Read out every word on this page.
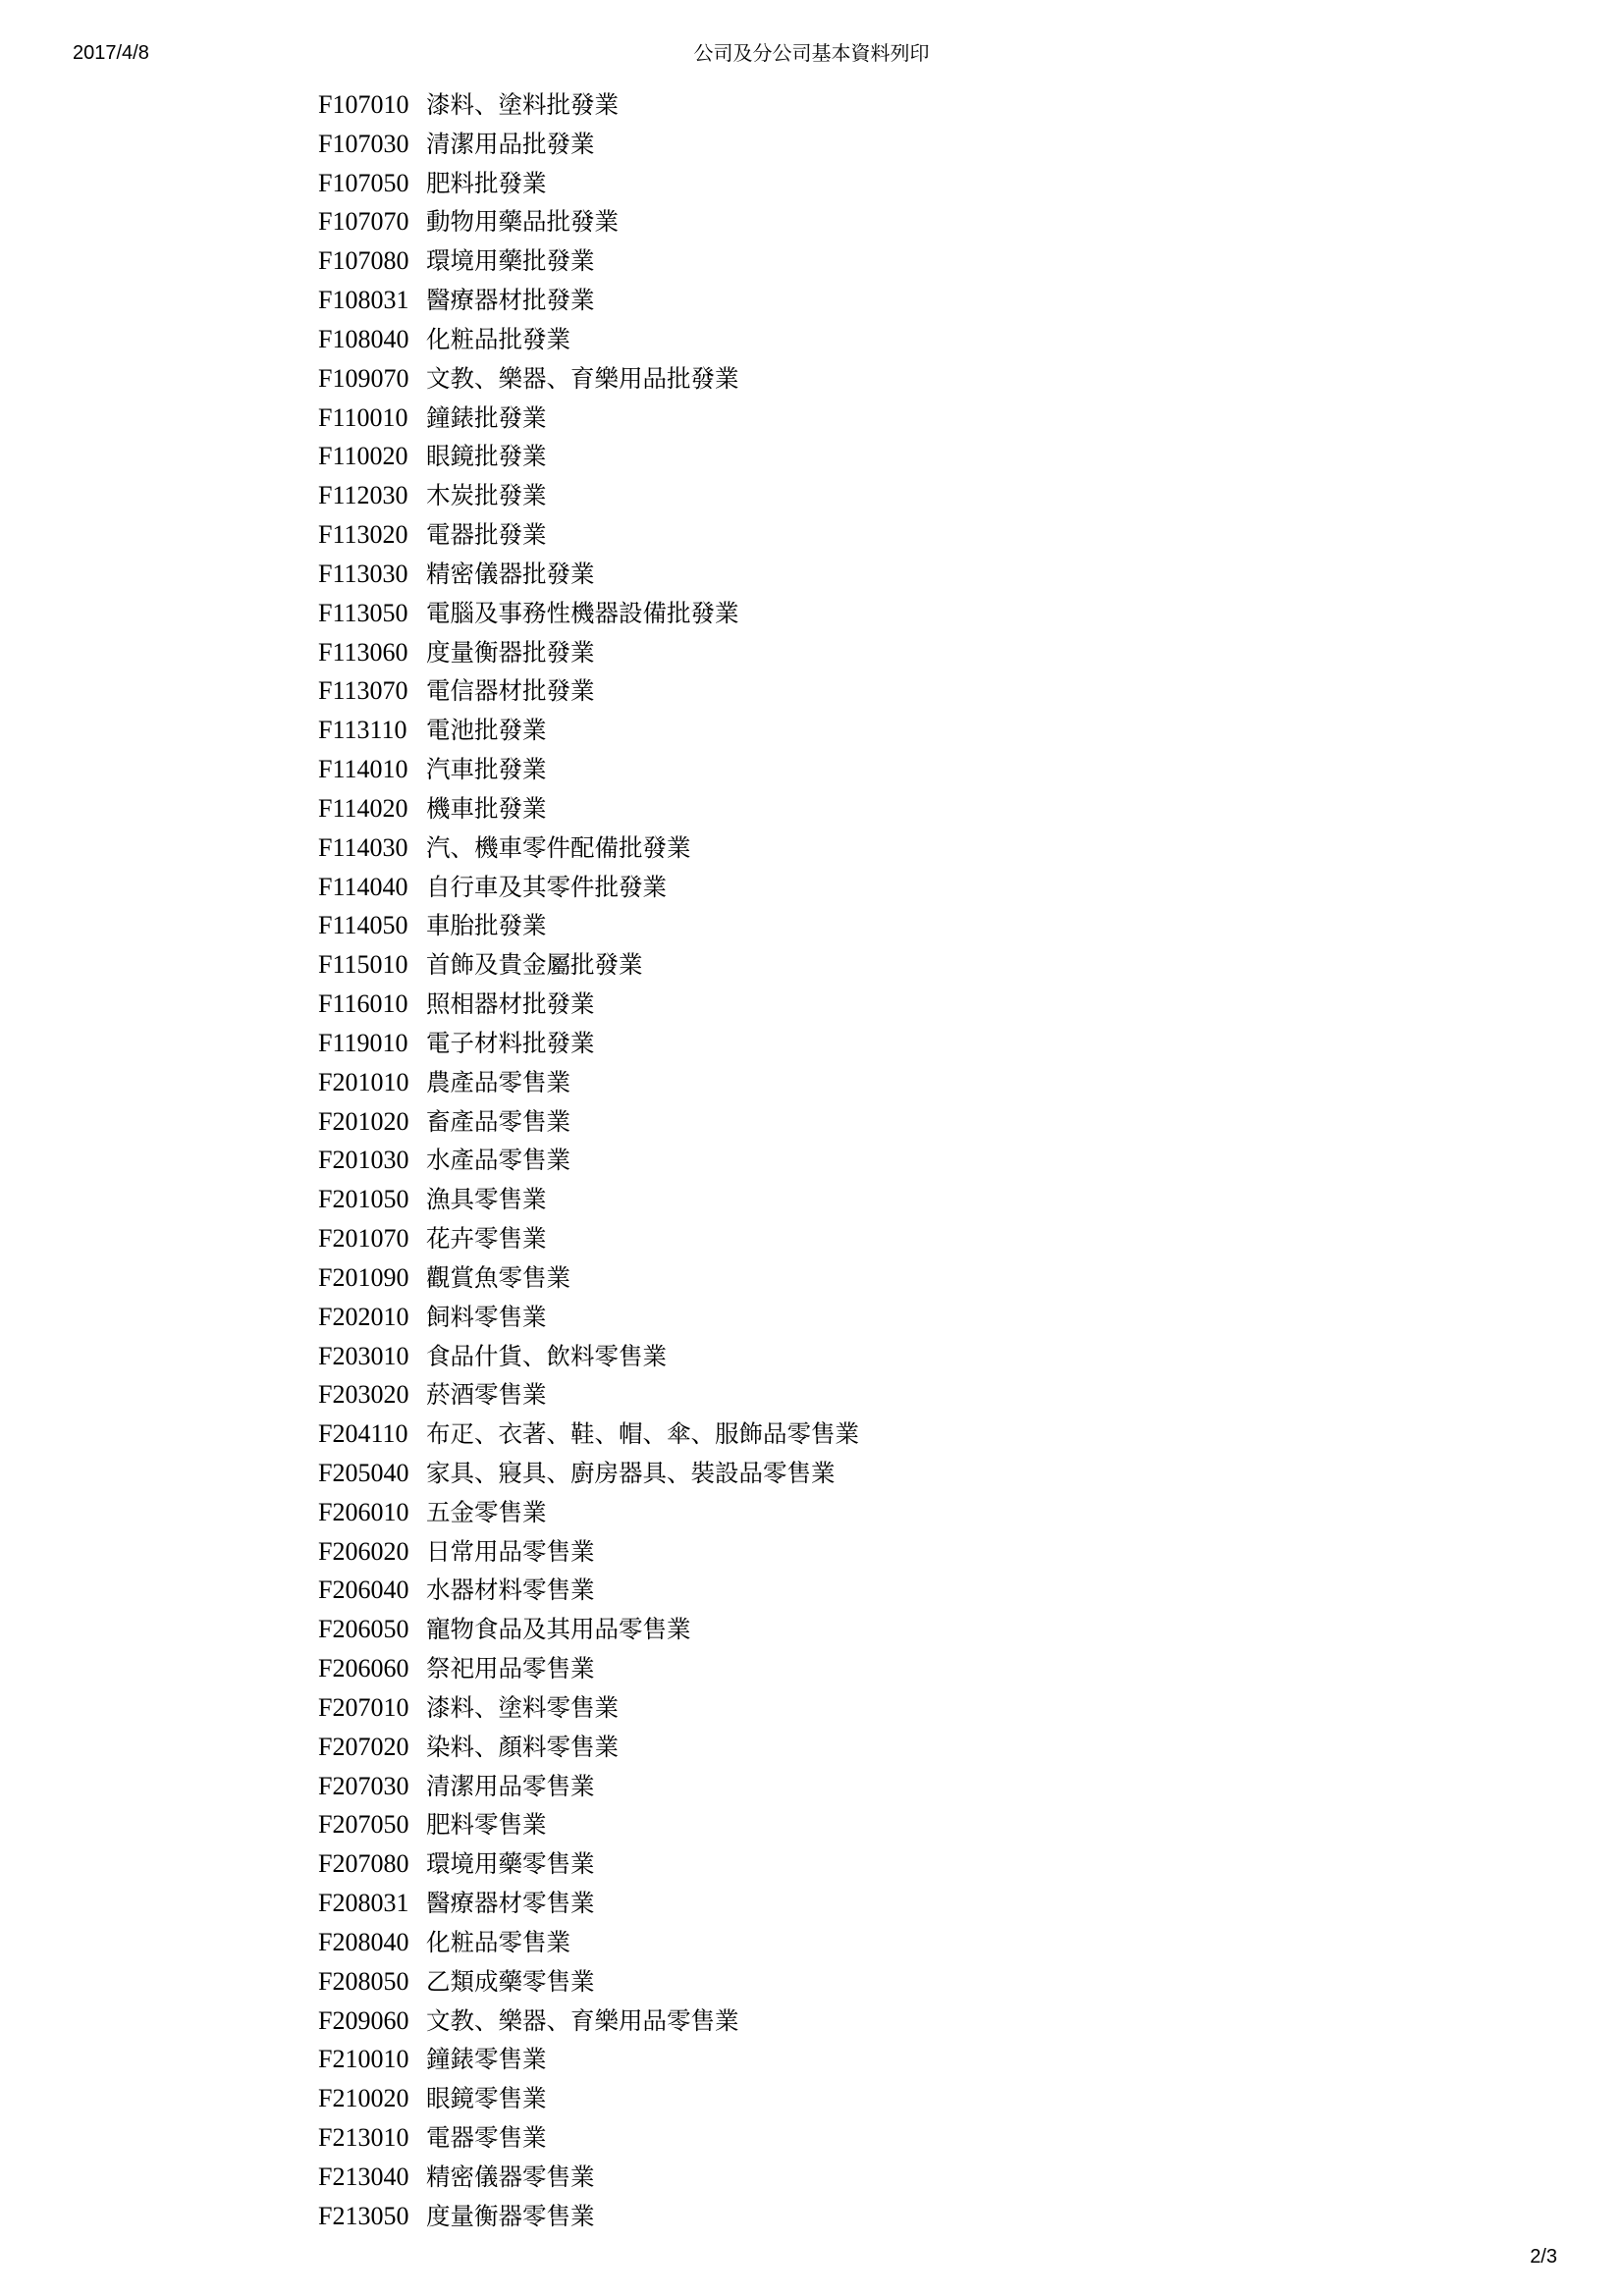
2017/4/8	公司及分公司基本資料列印
F107010 漆料、塗料批發業
F107030 清潔用品批發業
F107050 肥料批發業
F107070 動物用藥品批發業
F107080 環境用藥批發業
F108031 醫療器材批發業
F108040 化粧品批發業
F109070 文教、樂器、育樂用品批發業
F110010 鐘錶批發業
F110020 眼鏡批發業
F112030 木炭批發業
F113020 電器批發業
F113030 精密儀器批發業
F113050 電腦及事務性機器設備批發業
F113060 度量衡器批發業
F113070 電信器材批發業
F113110 電池批發業
F114010 汽車批發業
F114020 機車批發業
F114030 汽、機車零件配備批發業
F114040 自行車及其零件批發業
F114050 車胎批發業
F115010 首飾及貴金屬批發業
F116010 照相器材批發業
F119010 電子材料批發業
F201010 農產品零售業
F201020 畜產品零售業
F201030 水產品零售業
F201050 漁具零售業
F201070 花卉零售業
F201090 觀賞魚零售業
F202010 飼料零售業
F203010 食品什貨、飲料零售業
F203020 菸酒零售業
F204110 布疋、衣著、鞋、帽、傘、服飾品零售業
F205040 家具、寢具、廚房器具、裝設品零售業
F206010 五金零售業
F206020 日常用品零售業
F206040 水器材料零售業
F206050 寵物食品及其用品零售業
F206060 祭祀用品零售業
F207010 漆料、塗料零售業
F207020 染料、顏料零售業
F207030 清潔用品零售業
F207050 肥料零售業
F207080 環境用藥零售業
F208031 醫療器材零售業
F208040 化粧品零售業
F208050 乙類成藥零售業
F209060 文教、樂器、育樂用品零售業
F210010 鐘錶零售業
F210020 眼鏡零售業
F213010 電器零售業
F213040 精密儀器零售業
F213050 度量衡器零售業
2/3
